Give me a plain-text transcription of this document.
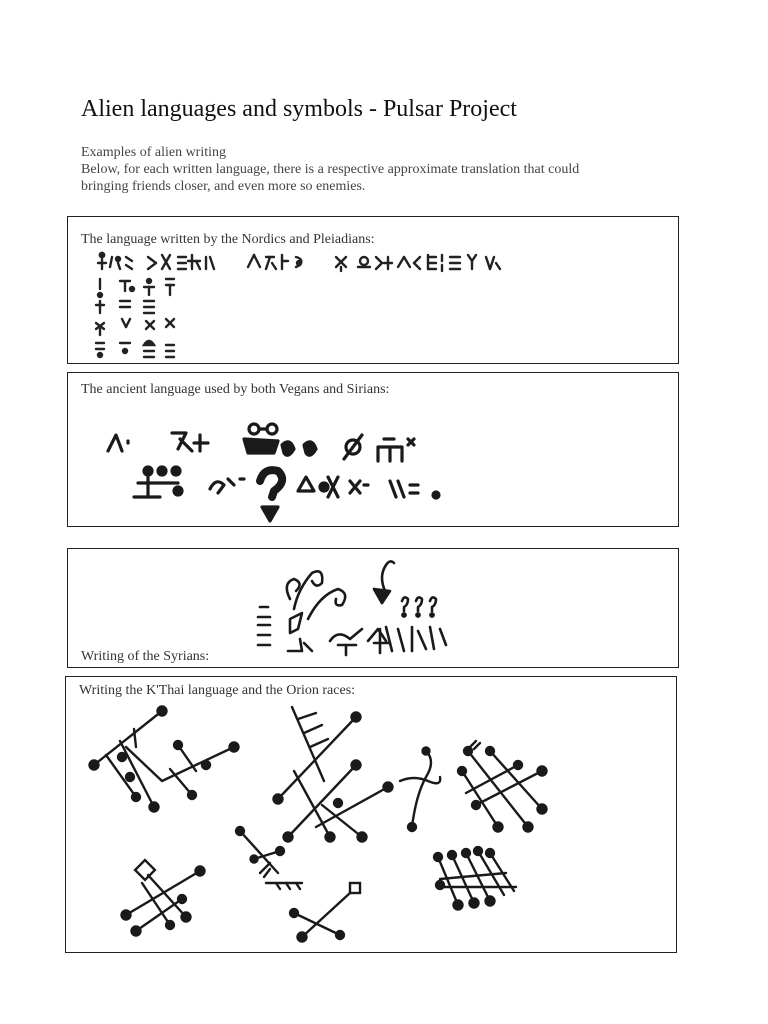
Alien languages and symbols - Pulsar Project
Examples of alien writing
Below, for each written language, there is a respective approximate translation that could
bringing friends closer, and even more so enemies.
The language written by the Nordics and Pleiadians:
The ancient language used by both Vegans and Sirians:
Writing of the Syrians:
Writing the K'Thai language and the Orion races:
